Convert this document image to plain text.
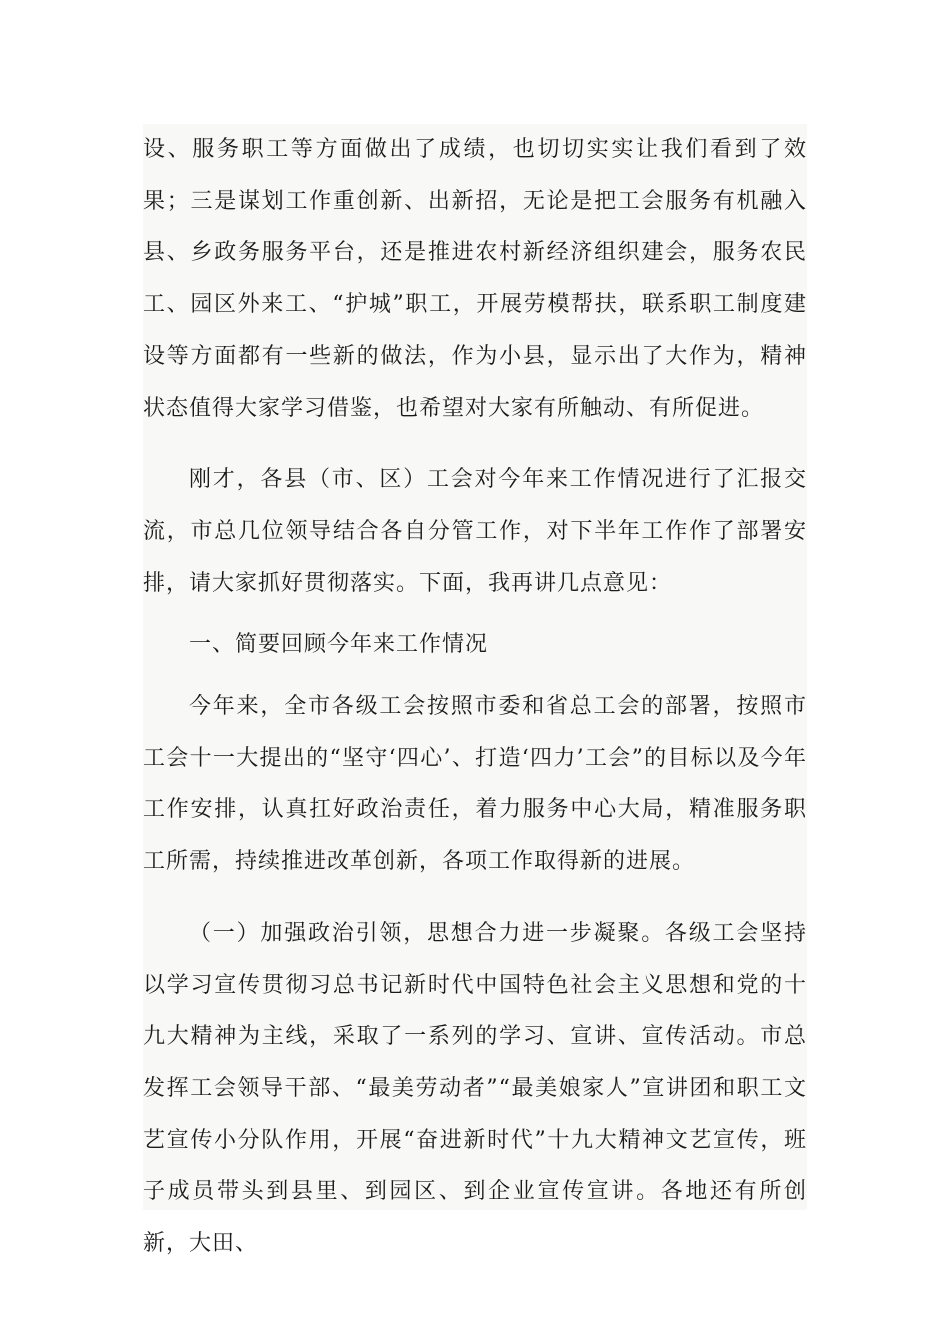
设、服务职工等方面做出了成绩，也切切实实让我们看到了效果；三是谋划工作重创新、出新招，无论是把工会服务有机融入县、乡政务服务平台，还是推进农村新经济组织建会，服务农民工、园区外来工、“护城”职工，开展劳模帮扶，联系职工制度建设等方面都有一些新的做法，作为小县，显示出了大作为，精神状态值得大家学习借鉴，也希望对大家有所触动、有所促进。

刚才，各县（市、区）工会对今年来工作情况进行了汇报交流，市总几位领导结合各自分管工作，对下半年工作作了部署安排，请大家抓好贯彻落实。下面，我再讲几点意见：

一、简要回顾今年来工作情况

今年来，全市各级工会按照市委和省总工会的部署，按照市工会十一大提出的“坚守‘四心’、打造‘四力’工会”的目标以及今年工作安排，认真扛好政治责任，着力服务中心大局，精准服务职工所需，持续推进改革创新，各项工作取得新的进展。

（一）加强政治引领，思想合力进一步凝聚。各级工会坚持以学习宣传贯彻习总书记新时代中国特色社会主义思想和党的十九大精神为主线，采取了一系列的学习、宣讲、宣传活动。市总发挥工会领导干部、“最美劳动者”“最美娘家人”宣讲团和职工文艺宣传小分队作用，开展“奋进新时代”十九大精神文艺宣传，班子成员带头到县里、到园区、到企业宣传宣讲。各地还有所创新，大田、
